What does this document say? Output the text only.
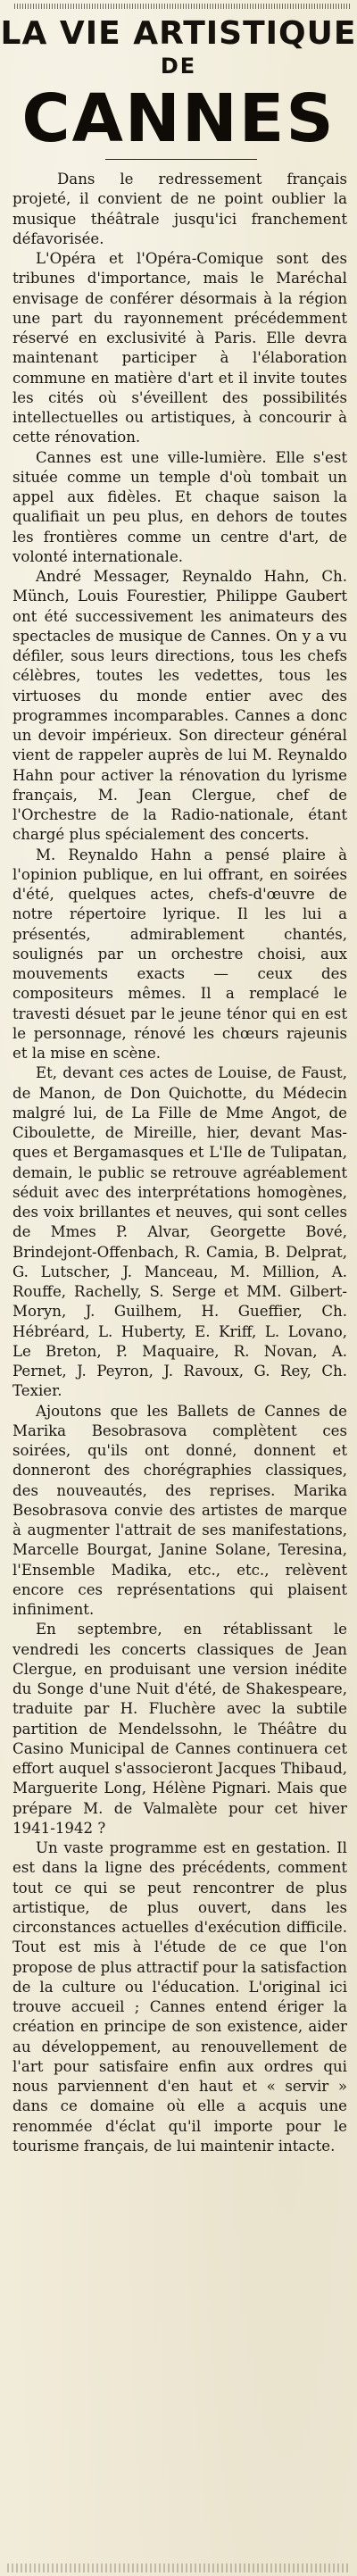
LA VIE ARTISTIQUE
DE
CANNES

Dans le redressement français projeté, il convient de ne point oublier la musique théâtrale jusqu'ici franchement défavorisée.

L'Opéra et l'Opéra-Comique sont des tribunes d'importance, mais le Maréchal envisage de conférer désormais à la région une part du rayonnement précédemment réservé en exclusivité à Paris. Elle devra maintenant participer à l'élaboration commune en matière d'art et il invite toutes les cités où s'éveillent des possibilités intellectuelles ou artistiques, à concourir à cette rénovation.

Cannes est une ville-lumière. Elle s'est située comme un temple d'où tombait un appel aux fidèles. Et chaque saison la qualifiait un peu plus, en dehors de toutes les frontières comme un centre d'art, de volonté internationale.

André Messager, Reynaldo Hahn, Ch. Münch, Louis Fourestier, Philippe Gaubert ont été successivement les animateurs des spectacles de musique de Cannes. On y a vu défiler, sous leurs directions, tous les chefs célèbres, toutes les vedettes, tous les virtuoses du monde entier avec des programmes incomparables. Cannes a donc un devoir impérieux. Son directeur général vient de rappeler auprès de lui M. Reynaldo Hahn pour activer la rénovation du lyrisme français, M. Jean Clergue, chef de l'Orchestre de la Radio-nationale, étant chargé plus spécialement des concerts.

M. Reynaldo Hahn a pensé plaire à l'opinion publique, en lui offrant, en soirées d'été, quelques actes, chefs-d'œuvre de notre répertoire lyrique. Il les lui a présentés, admirablement chantés, soulignés par un orchestre choisi, aux mouvements exacts — ceux des compositeurs mêmes. Il a remplacé le travesti désuet par le jeune ténor qui en est le personnage, rénové les chœurs rajeunis et la mise en scène.

Et, devant ces actes de Louise, de Faust, de Manon, de Don Quichotte, du Médecin malgré lui, de La Fille de Mme Angot, de Ciboulette, de Mireille, hier, devant Mas-ques et Bergamasques et L'Ile de Tulipatan, demain, le public se retrouve agréablement séduit avec des interprétations homogènes, des voix brillantes et neuves, qui sont celles de Mmes P. Alvar, Georgette Bové, Brindejont-Offenbach, R. Camia, B. Delprat, G. Lutscher, J. Manceau, M. Million, A. Rouffe, Rachelly, S. Serge et MM. Gilbert-Moryn, J. Guilhem, H. Gueffier, Ch. Hébréard, L. Huberty, E. Kriff, L. Lovano, Le Breton, P. Maquaire, R. Novan, A. Pernet, J. Peyron, J. Ravoux, G. Rey, Ch. Texier.

Ajoutons que les Ballets de Cannes de Marika Besobrasova complètent ces soirées, qu'ils ont donné, donnent et donneront des chorégraphies classiques, des nouveautés, des reprises. Marika Besobrasova convie des artistes de marque à augmenter l'attrait de ses manifestations, Marcelle Bourgat, Janine Solane, Teresina, l'Ensemble Madika, etc., etc., relèvent encore ces représentations qui plaisent infiniment.

En septembre, en rétablissant le vendredi les concerts classiques de Jean Clergue, en produisant une version inédite du Songe d'une Nuit d'été, de Shakespeare, traduite par H. Fluchère avec la subtile partition de Mendelssohn, le Théâtre du Casino Municipal de Cannes continuera cet effort auquel s'associeront Jacques Thibaud, Marguerite Long, Hélène Pignari. Mais que prépare M. de Valmalète pour cet hiver 1941-1942 ?

Un vaste programme est en gestation. Il est dans la ligne des précédents, comment tout ce qui se peut rencontrer de plus artistique, de plus ouvert, dans les circonstances actuelles d'exécution difficile. Tout est mis à l'étude de ce que l'on propose de plus attractif pour la satisfaction de la culture ou l'éducation. L'original ici trouve accueil ; Cannes entend ériger la création en principe de son existence, aider au développement, au renouvellement de l'art pour satisfaire enfin aux ordres qui nous parviennent d'en haut et « servir » dans ce domaine où elle a acquis une renommée d'éclat qu'il importe pour le tourisme français, de lui maintenir intacte.
